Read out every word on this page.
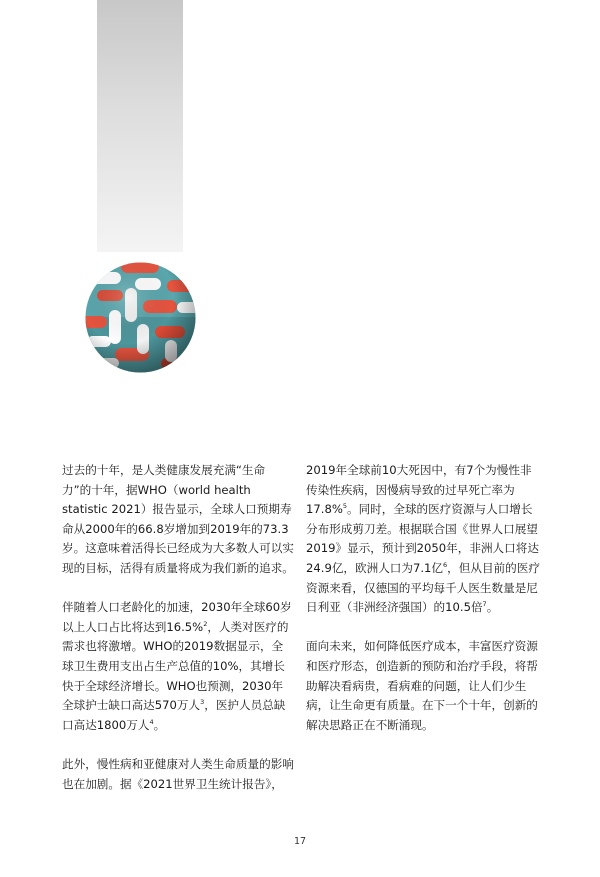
过去的十年，是人类健康发展充满“生命力”的十年，据WHO（world health statistic 2021）报告显示，全球人口预期寿命从2000年的66.8岁增加到2019年的73.3岁。这意味着活得长已经成为大多数人可以实现的目标，活得有质量将成为我们新的追求。

伴随着人口老龄化的加速，2030年全球60岁以上人口占比将达到16.5%$^2$，人类对医疗的需求也将激增。WHO的2019数据显示，全球卫生费用支出占生产总值的10%，其增长快于全球经济增长。WHO也预测，2030年全球护士缺口高达570万人$^3$，医护人员总缺口高达1800万人$^4$。

此外，慢性病和亚健康对人类生命质量的影响也在加剧。据《2021世界卫生统计报告》，

2019年全球前10大死因中，有7个为慢性非传染性疾病，因慢病导致的过早死亡率为17.8%$^5$。同时，全球的医疗资源与人口增长分布形成剪刀差。根据联合国《世界人口展望 2019》显示，预计到2050年，非洲人口将达24.9亿，欧洲人口为7.1亿$^6$，但从目前的医疗资源来看，仅德国的平均每千人医生数量是尼日利亚（非洲经济强国）的10.5倍$^7$。

面向未来，如何降低医疗成本，丰富医疗资源和医疗形态，创造新的预防和治疗手段，将帮助解决看病贵，看病难的问题，让人们少生病，让生命更有质量。在下一个十年，创新的解决思路正在不断涌现。

17
